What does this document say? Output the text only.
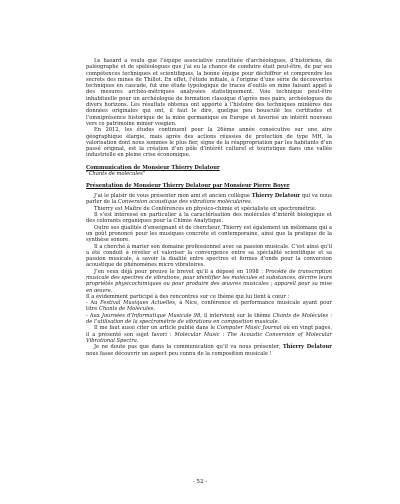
Le hasard a voulu que l’équipe associative constituée d’archéologues, d’historiens, de paléographe et de spéléologues que j’ai eu la chance de conduire était peut-être, de par ses compétences techniques et scientifiques, la bonne équipe pour déchiffrer et comprendre les secrets des mines de Thillot. En effet, l’étude initiale, à l’origine d’une série de découvertes techniques en cascade, fut une étude typologique de traces d’outils en mine faisant appel à des mesures archéo-métriques analysées statistiquement. Voie technique peut-être inhabituelle pour un archéologue de formation classique d’après mes pairs, archéologues de divers horizons. Les résultats obtenus ont apporté à l’histoire des techniques minières des données originales qui ont, il faut le dire, quelque peu bousculé les certitudes et l’omniprésence historique de la mine germanique en Europe et favorisé un intérêt nouveau vers ce patrimoine minier vosgien.

En 2012, les études continuent pour la 26ème année consécutive sur une aire géographique élargie, mais après des actions réussies de protection de type MH, la valorisation dont nous sommes le plus fier, signe de la réappropriation par les habitants d’un passé original, est la création d’un pôle d’intérêt culturel et touristique dans une vallée industrielle en pleine crise économique.

Communication de Monsieur Thierry Delatour

“Chants de molécules”

Présentation de Monsieur Thierry Delatour par Monsieur Pierre Boyer

J’ai le plaisir de vous présenter mon ami et ancien collègue Thierry Delatour qui va nous parler de la Conversion acoustique des vibrations moléculaires.

Thierry est Maître de Conférences en physico-chimie et spécialiste en spectrométrie.

Il s’est intéressé en particulier à la caractérisation des molécules d’intérêt biologique et des colorants organiques pour la Chimie Analytique.

Outre ses qualités d’enseignant et de chercheur, Thierry est également un mélomane qui a un goût prononcé pour les musiques concrète et contemporaine, ainsi que la pratique de la synthèse sonore.

Il a cherché à marier son domaine professionnel avec sa passion musicale. C’est ainsi qu’il a été conduit à révéler et valoriser la convergence entre sa spécialité scientifique et sa passion musicale, à savoir la dualité entre spectres et formes d’onde pour la conversion acoustique de phénomènes micro vibratoires.

J’en veux déjà pour preuve le brevet qu’il a déposé en 1998 : Procédé de transcription musicale des spectres de vibrations, pour identifier les molécules et substances, décrire leurs propriétés physicochimiques ou pour produire des œuvres musicales ; appareil pour sa mise en œuvre.

Il a évidemment participé à des rencontres sur ce thème qui lui tient à cœur :

- Au Festival Musiques Actuelles, à Nice, conférence et performance musicale ayant pour titre Chants de Molécules.

- Aux Journées d’Informatique Musicale 98, il intervient sur le thème Chants de Molécules : de l’utilisation de la spectrométrie de vibrations en composition musicale.

Il me faut aussi citer un article publié dans le Computer Music Journal où en vingt pages, il a présenté son sujet favori : Molecular Music : The Acoustic Conversion of Molecular Vibrational Spectra.

Je ne doute pas que dans la communication qu’il va nous présenter, Thierry Delatour nous fasse découvrir un aspect peu connu de la composition musicale !

- 52 -
